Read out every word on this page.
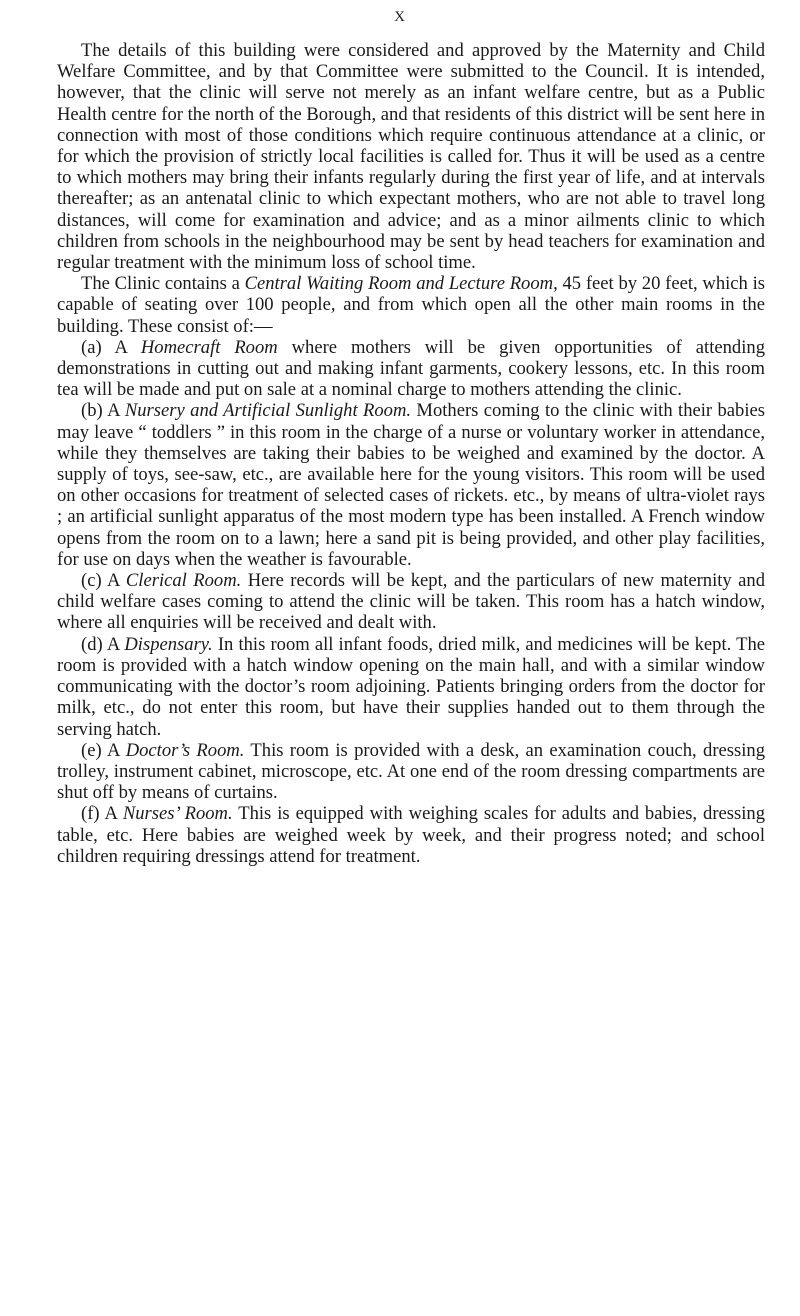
X

The details of this building were considered and approved by the Maternity and Child Welfare Committee, and by that Committee were submitted to the Council. It is intended, however, that the clinic will serve not merely as an infant welfare centre, but as a Public Health centre for the north of the Borough, and that residents of this district will be sent here in connection with most of those conditions which require continuous attendance at a clinic, or for which the provision of strictly local facilities is called for. Thus it will be used as a centre to which mothers may bring their infants regularly during the first year of life, and at intervals thereafter; as an antenatal clinic to which expectant mothers, who are not able to travel long distances, will come for examination and advice; and as a minor ailments clinic to which children from schools in the neighbourhood may be sent by head teachers for examination and regular treatment with the minimum loss of school time.

The Clinic contains a Central Waiting Room and Lecture Room, 45 feet by 20 feet, which is capable of seating over 100 people, and from which open all the other main rooms in the building. These consist of:—

(a) A Homecraft Room where mothers will be given opportunities of attending demonstrations in cutting out and making infant garments, cookery lessons, etc. In this room tea will be made and put on sale at a nominal charge to mothers attending the clinic.

(b) A Nursery and Artificial Sunlight Room. Mothers coming to the clinic with their babies may leave “ toddlers ” in this room in the charge of a nurse or voluntary worker in attendance, while they themselves are taking their babies to be weighed and examined by the doctor. A supply of toys, see-saw, etc., are available here for the young visitors. This room will be used on other occasions for treatment of selected cases of rickets. etc., by means of ultra-violet rays ; an artificial sunlight apparatus of the most modern type has been installed. A French window opens from the room on to a lawn; here a sand pit is being provided, and other play facilities, for use on days when the weather is favourable.

(c) A Clerical Room. Here records will be kept, and the particulars of new maternity and child welfare cases coming to attend the clinic will be taken. This room has a hatch window, where all enquiries will be received and dealt with.

(d) A Dispensary. In this room all infant foods, dried milk, and medicines will be kept. The room is provided with a hatch window opening on the main hall, and with a similar window communicating with the doctor’s room adjoining. Patients bringing orders from the doctor for milk, etc., do not enter this room, but have their supplies handed out to them through the serving hatch.

(e) A Doctor’s Room. This room is provided with a desk, an examination couch, dressing trolley, instrument cabinet, microscope, etc. At one end of the room dressing compartments are shut off by means of curtains.

(f) A Nurses’ Room. This is equipped with weighing scales for adults and babies, dressing table, etc. Here babies are weighed week by week, and their progress noted; and school children requiring dressings attend for treatment.
